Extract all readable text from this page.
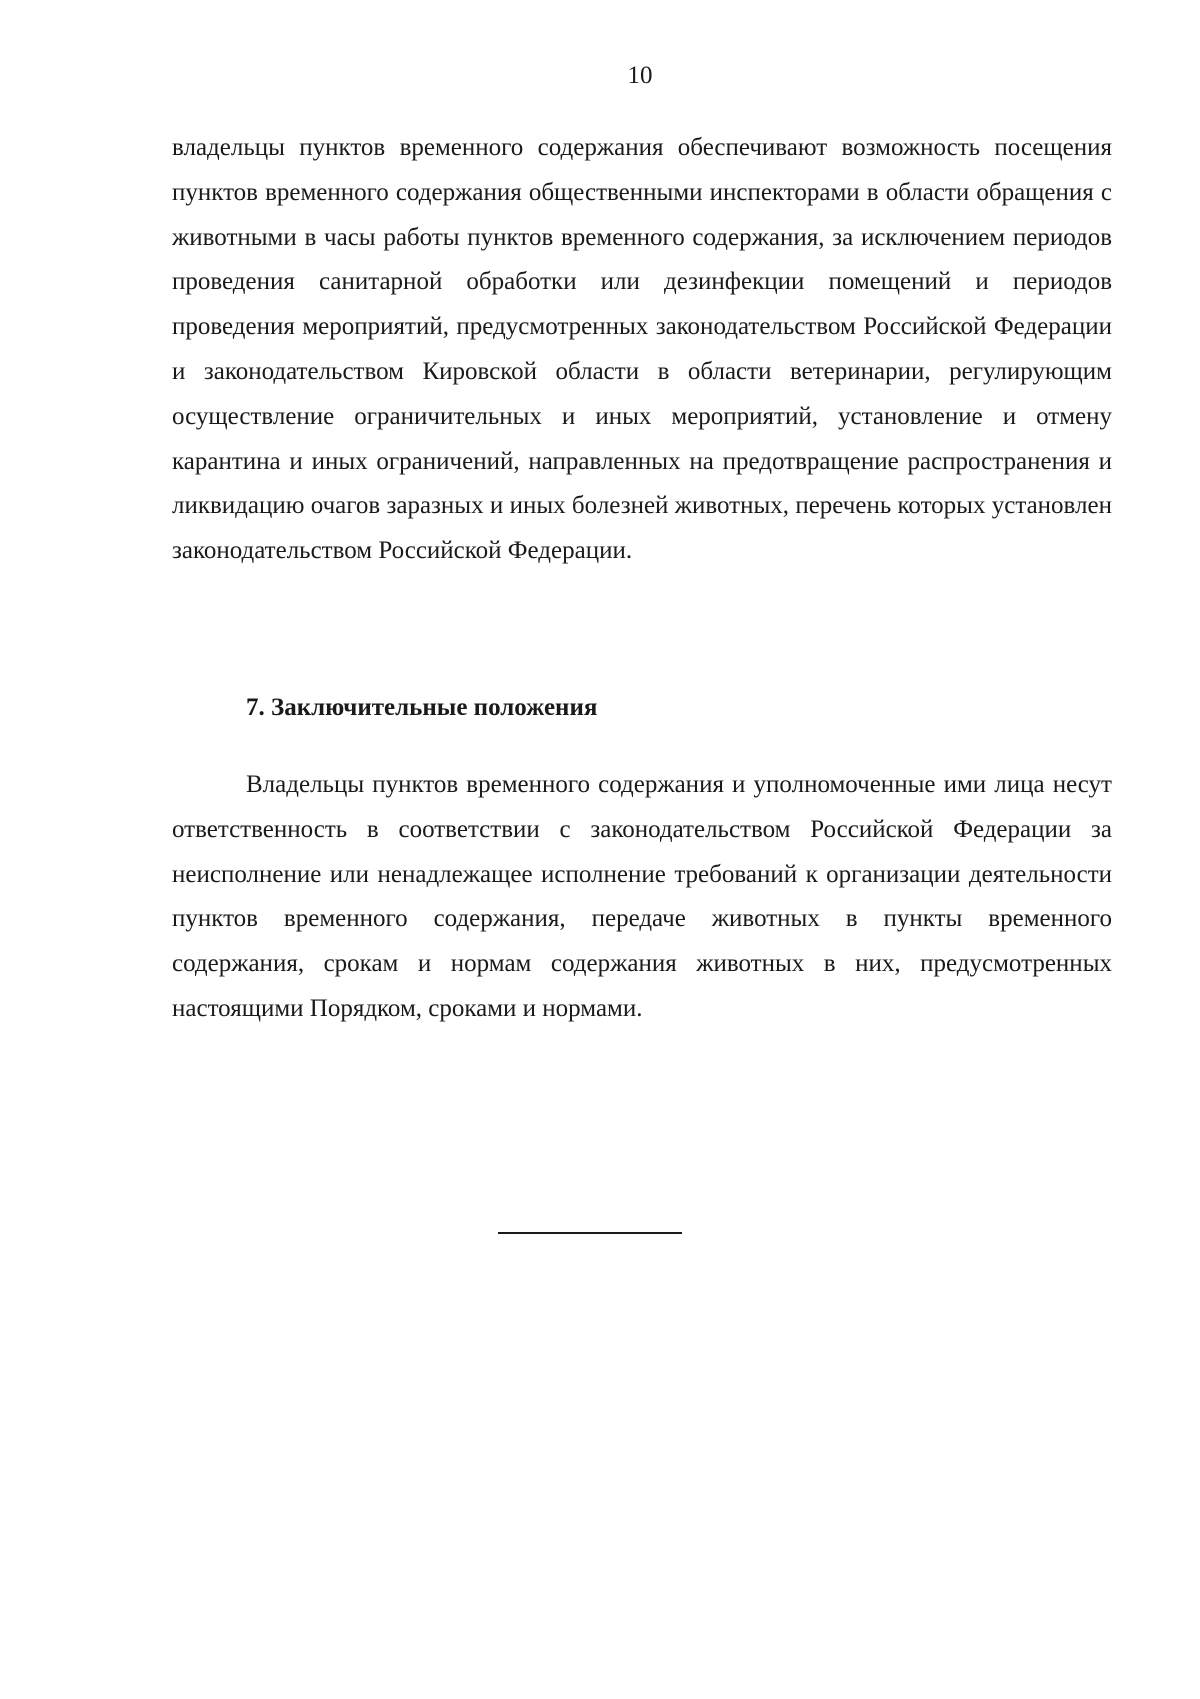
10

владельцы пунктов временного содержания обеспечивают возможность посещения пунктов временного содержания общественными инспекторами в области обращения с животными в часы работы пунктов временного содержания, за исключением периодов проведения санитарной обработки или дезинфекции помещений и периодов проведения мероприятий, предусмотренных законодательством Российской Федерации и законодательством Кировской области в области ветеринарии, регулирующим осуществление ограничительных и иных мероприятий, установление и отмену карантина и иных ограничений, направленных на предотвращение распространения и ликвидацию очагов заразных и иных болезней животных, перечень которых установлен законодательством Российской Федерации.

7. Заключительные положения

Владельцы пунктов временного содержания и уполномоченные ими лица несут ответственность в соответствии с законодательством Российской Федерации за неисполнение или ненадлежащее исполнение требований к организации деятельности пунктов временного содержания, передаче животных в пункты временного содержания, срокам и нормам содержания животных в них, предусмотренных настоящими Порядком, сроками и нормами.
